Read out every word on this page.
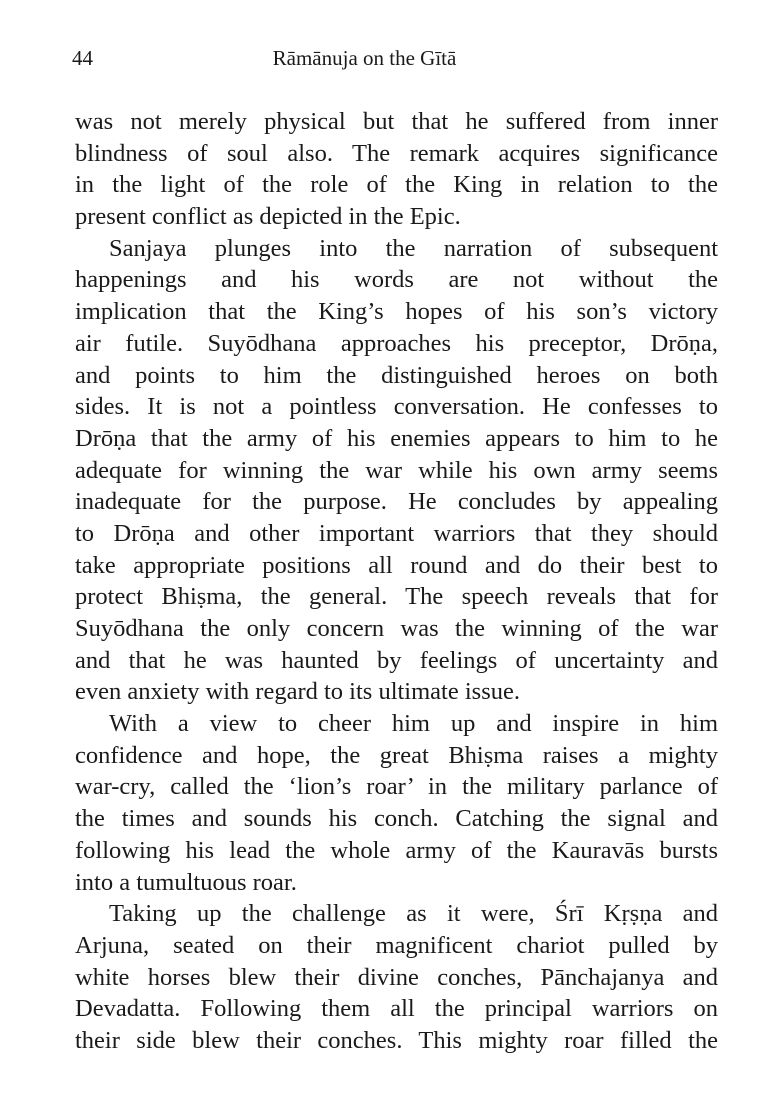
44	Rāmānuja on the Gītā
was not merely physical but that he suffered from inner
blindness of soul also. The remark acquires significance
in the light of the role of the King in relation to the
present conflict as depicted in the Epic.
Sanjaya plunges into the narration of subsequent
happenings and his words are not without the
implication that the King’s hopes of his son’s victory
air futile. Suyōdhana approaches his preceptor, Drōṇa,
and points to him the distinguished heroes on both
sides. It is not a pointless conversation. He confesses to
Drōṇa that the army of his enemies appears to him to he
adequate for winning the war while his own army seems
inadequate for the purpose. He concludes by appealing
to Drōṇa and other important warriors that they should
take appropriate positions all round and do their best to
protect Bhiṣma, the general. The speech reveals that for
Suyōdhana the only concern was the winning of the war
and that he was haunted by feelings of uncertainty and
even anxiety with regard to its ultimate issue.
With a view to cheer him up and inspire in him
confidence and hope, the great Bhiṣma raises a mighty
war-cry, called the ‘lion’s roar’ in the military parlance of
the times and sounds his conch. Catching the signal and
following his lead the whole army of the Kauravās bursts
into a tumultuous roar.
Taking up the challenge as it were, Śrī Kṛṣṇa and
Arjuna, seated on their magnificent chariot pulled by
white horses blew their divine conches, Pānchajanya and
Devadatta. Following them all the principal warriors on
their side blew their conches. This mighty roar filled the
